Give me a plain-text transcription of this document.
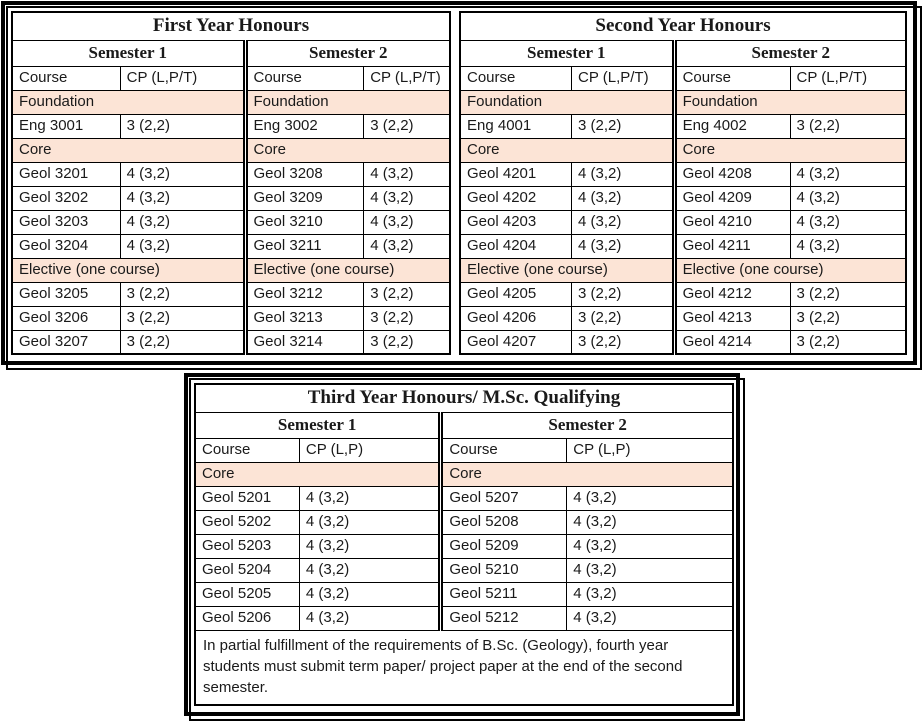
First Year Honours			
Semester 1		Semester 2	
Course	CP (L,P/T)	Course	CP (L,P/T)
Foundation		Foundation	
Eng 3001	3 (2,2)	Eng 3002	3 (2,2)
Core		Core	
Geol 3201	4 (3,2)	Geol 3208	4 (3,2)
Geol 3202	4 (3,2)	Geol 3209	4 (3,2)
Geol 3203	4 (3,2)	Geol 3210	4 (3,2)
Geol 3204	4 (3,2)	Geol 3211	4 (3,2)
Elective (one course)		Elective (one course)	
Geol 3205	3 (2,2)	Geol 3212	3 (2,2)
Geol 3206	3 (2,2)	Geol 3213	3 (2,2)
Geol 3207	3 (2,2)	Geol 3214	3 (2,2)
Second Year Honours			
Semester 1		Semester 2	
Course	CP (L,P/T)	Course	CP (L,P/T)
Foundation		Foundation	
Eng 4001	3 (2,2)	Eng 4002	3 (2,2)
Core		Core	
Geol 4201	4 (3,2)	Geol 4208	4 (3,2)
Geol 4202	4 (3,2)	Geol 4209	4 (3,2)
Geol 4203	4 (3,2)	Geol 4210	4 (3,2)
Geol 4204	4 (3,2)	Geol 4211	4 (3,2)
Elective (one course)		Elective (one course)	
Geol 4205	3 (2,2)	Geol 4212	3 (2,2)
Geol 4206	3 (2,2)	Geol 4213	3 (2,2)
Geol 4207	3 (2,2)	Geol 4214	3 (2,2)
Third Year Honours/ M.Sc. Qualifying			
Semester 1		Semester 2	
Course	CP (L,P)	Course	CP (L,P)
Core		Core	
Geol 5201	4 (3,2)	Geol 5207	4 (3,2)
Geol 5202	4 (3,2)	Geol 5208	4 (3,2)
Geol 5203	4 (3,2)	Geol 5209	4 (3,2)
Geol 5204	4 (3,2)	Geol 5210	4 (3,2)
Geol 5205	4 (3,2)	Geol 5211	4 (3,2)
Geol 5206	4 (3,2)	Geol 5212	4 (3,2)
In partial fulfillment of the requirements of B.Sc. (Geology), fourth year students must submit term paper/ project paper at the end of the second semester.			
